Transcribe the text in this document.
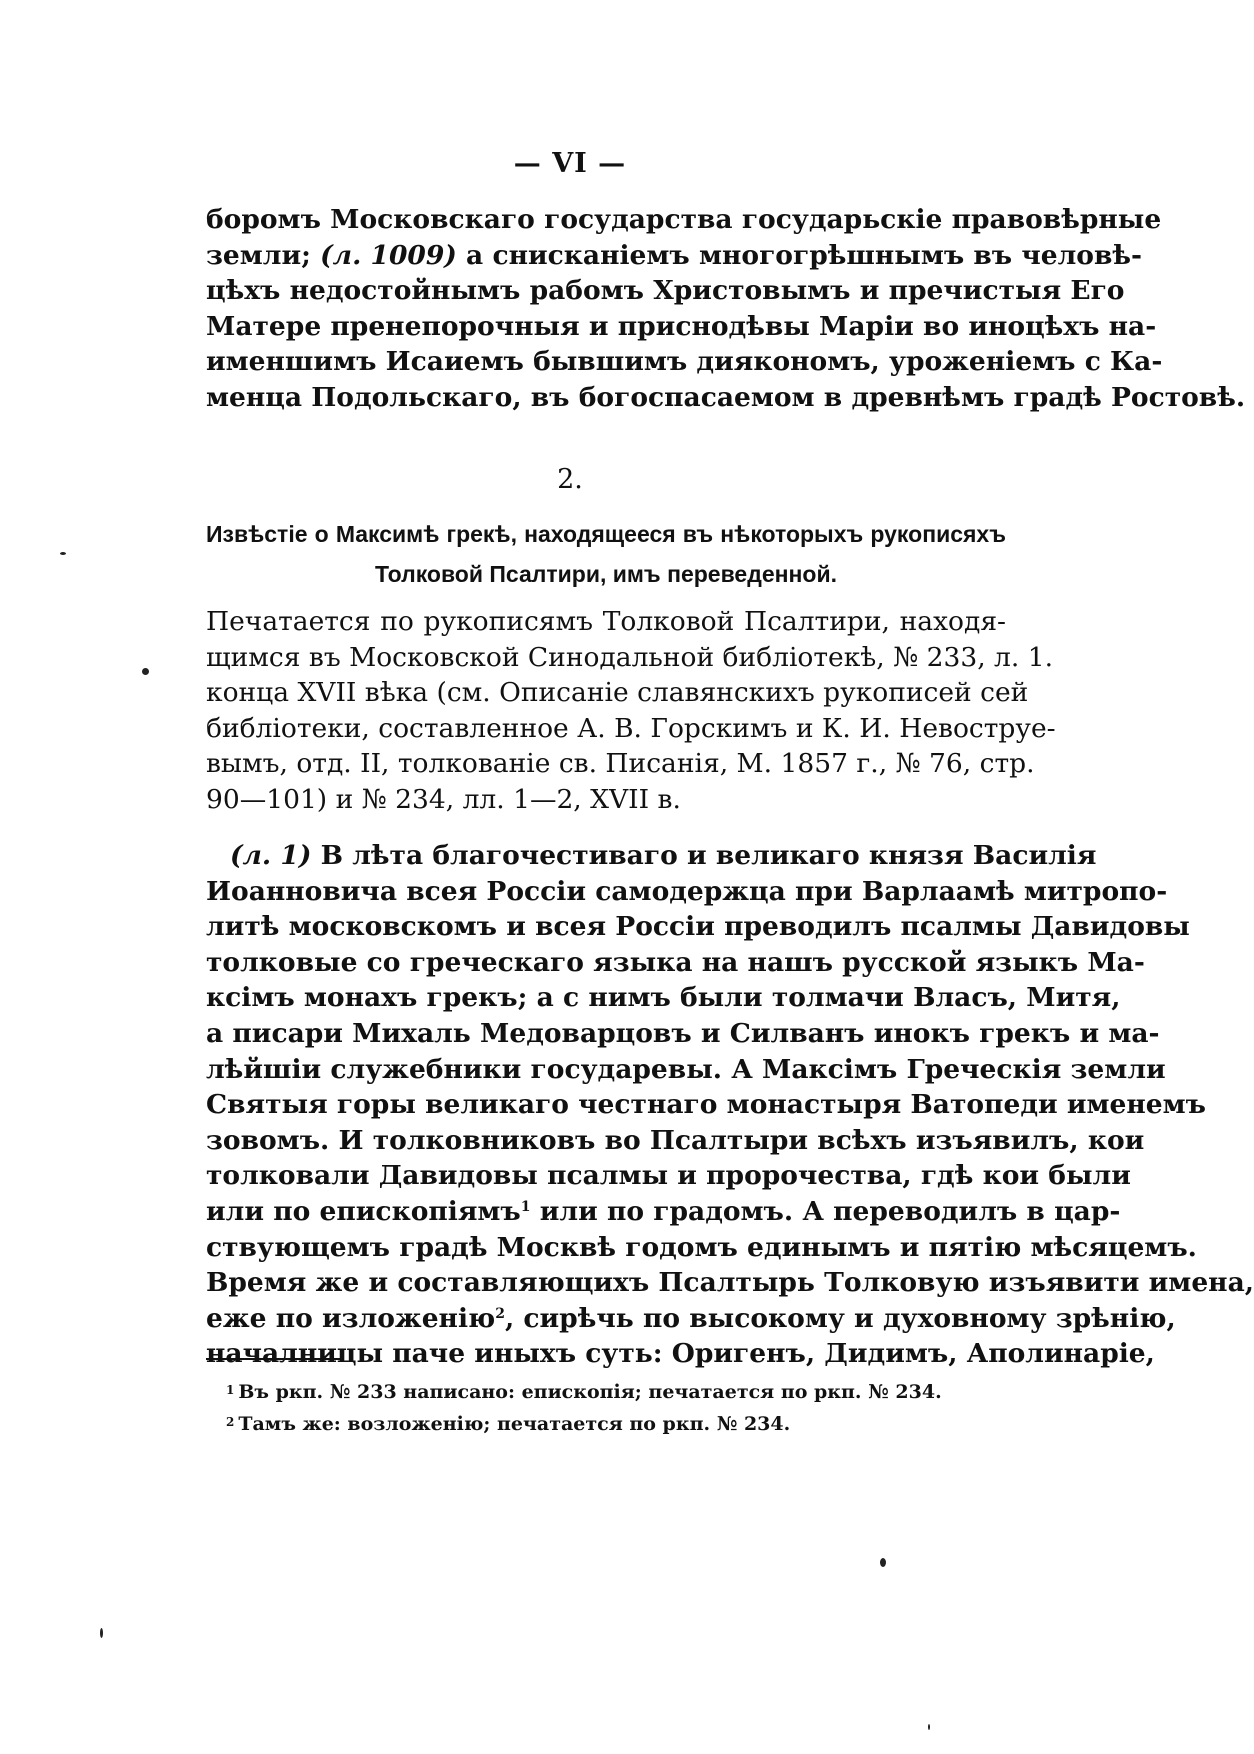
— VI —
боромъ Московскаго государства государьскіе правовѣрные
земли; (л. 1009) а снисканіемъ многогрѣшнымъ въ человѣ-
цѣхъ недостойнымъ рабомъ Христовымъ и пречистыя Его
Матере пренепорочныя и приснодѣвы Маріи во иноцѣхъ на-
именшимъ Исаиемъ бывшимъ диякономъ, уроженіемъ с Ка-
менца Подольскаго, въ богоспасаемом в древнѣмъ градѣ Ростовѣ.
2.
Извѣстіе о Максимѣ грекѣ, находящееся въ нѣкоторыхъ рукописяхъ
Толковой Псалтири, имъ переведенной.
Печатается по рукописямъ Толковой Псалтири, находя-
щимся въ Московской Синодальной библіотекѣ, № 233, л. 1.
конца XVII вѣка (см. Описаніе славянскихъ рукописей сей
библіотеки, составленное А. В. Горскимъ и К. И. Невоструе-
вымъ, отд. II, толкованіе св. Писанія, М. 1857 г., № 76, стр.
90—101) и № 234, лл. 1—2, XVII в.
(л. 1) В лѣта благочестиваго и великаго князя Василія
Иоанновича всея Россіи самодержца при Варлаамѣ митропо-
литѣ московскомъ и всея Россіи преводилъ псалмы Давидовы
толковые со греческаго языка на нашъ русской языкъ Ма-
ксімъ монахъ грекъ; а с нимъ были толмачи Власъ, Митя,
а писари Михаль Медоварцовъ и Силванъ инокъ грекъ и ма-
лѣйшіи служебники государевы. А Максімъ Греческія земли
Святыя горы великаго честнаго монастыря Ватопеди именемъ
зовомъ. И толковниковъ во Псалтыри всѣхъ изъявилъ, кои
толковали Давидовы псалмы и пророчества, гдѣ кои были
или по епископіямъ$^1$ или по градомъ. А переводилъ в цар-
ствующемъ градѣ Москвѣ годомъ единымъ и пятію мѣсяцемъ.
Время же и составляющихъ Псалтырь Толковую изъявити имена,
еже по изложенію$^2$, сирѣчь по высокому и духовному зрѣнію,
началницы паче иныхъ суть: Оригенъ, Дидимъ, Аполинаріе,
$^1$ Въ ркп. № 233 написано: епископія; печатается по ркп. № 234.
$^2$ Тамъ же: возложенію; печатается по ркп. № 234.
